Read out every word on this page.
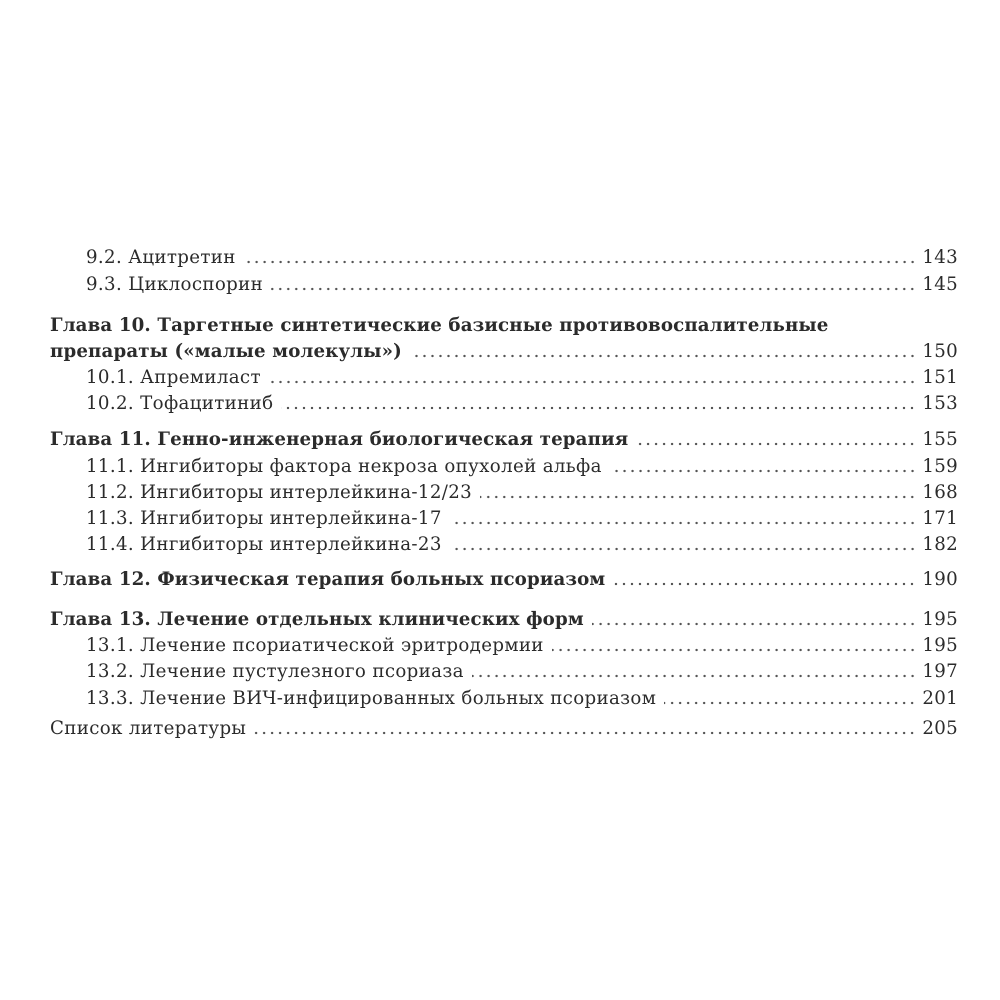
9.2. Ацитретин	143
9.3. Циклоспорин	145
Глава 10. Таргетные синтетические базисные противовоспалительные
препараты («малые молекулы»)	150
10.1. Апремиласт	151
10.2. Тофацитиниб	153
Глава 11. Генно-инженерная биологическая терапия	155
11.1. Ингибиторы фактора некроза опухолей альфа	159
11.2. Ингибиторы интерлейкина-12/23	168
11.3. Ингибиторы интерлейкина-17	171
11.4. Ингибиторы интерлейкина-23	182
Глава 12. Физическая терапия больных псориазом	190
Глава 13. Лечение отдельных клинических форм	195
13.1. Лечение псориатической эритродермии	195
13.2. Лечение пустулезного псориаза	197
13.3. Лечение ВИЧ-инфицированных больных псориазом	201
Список литературы	205
